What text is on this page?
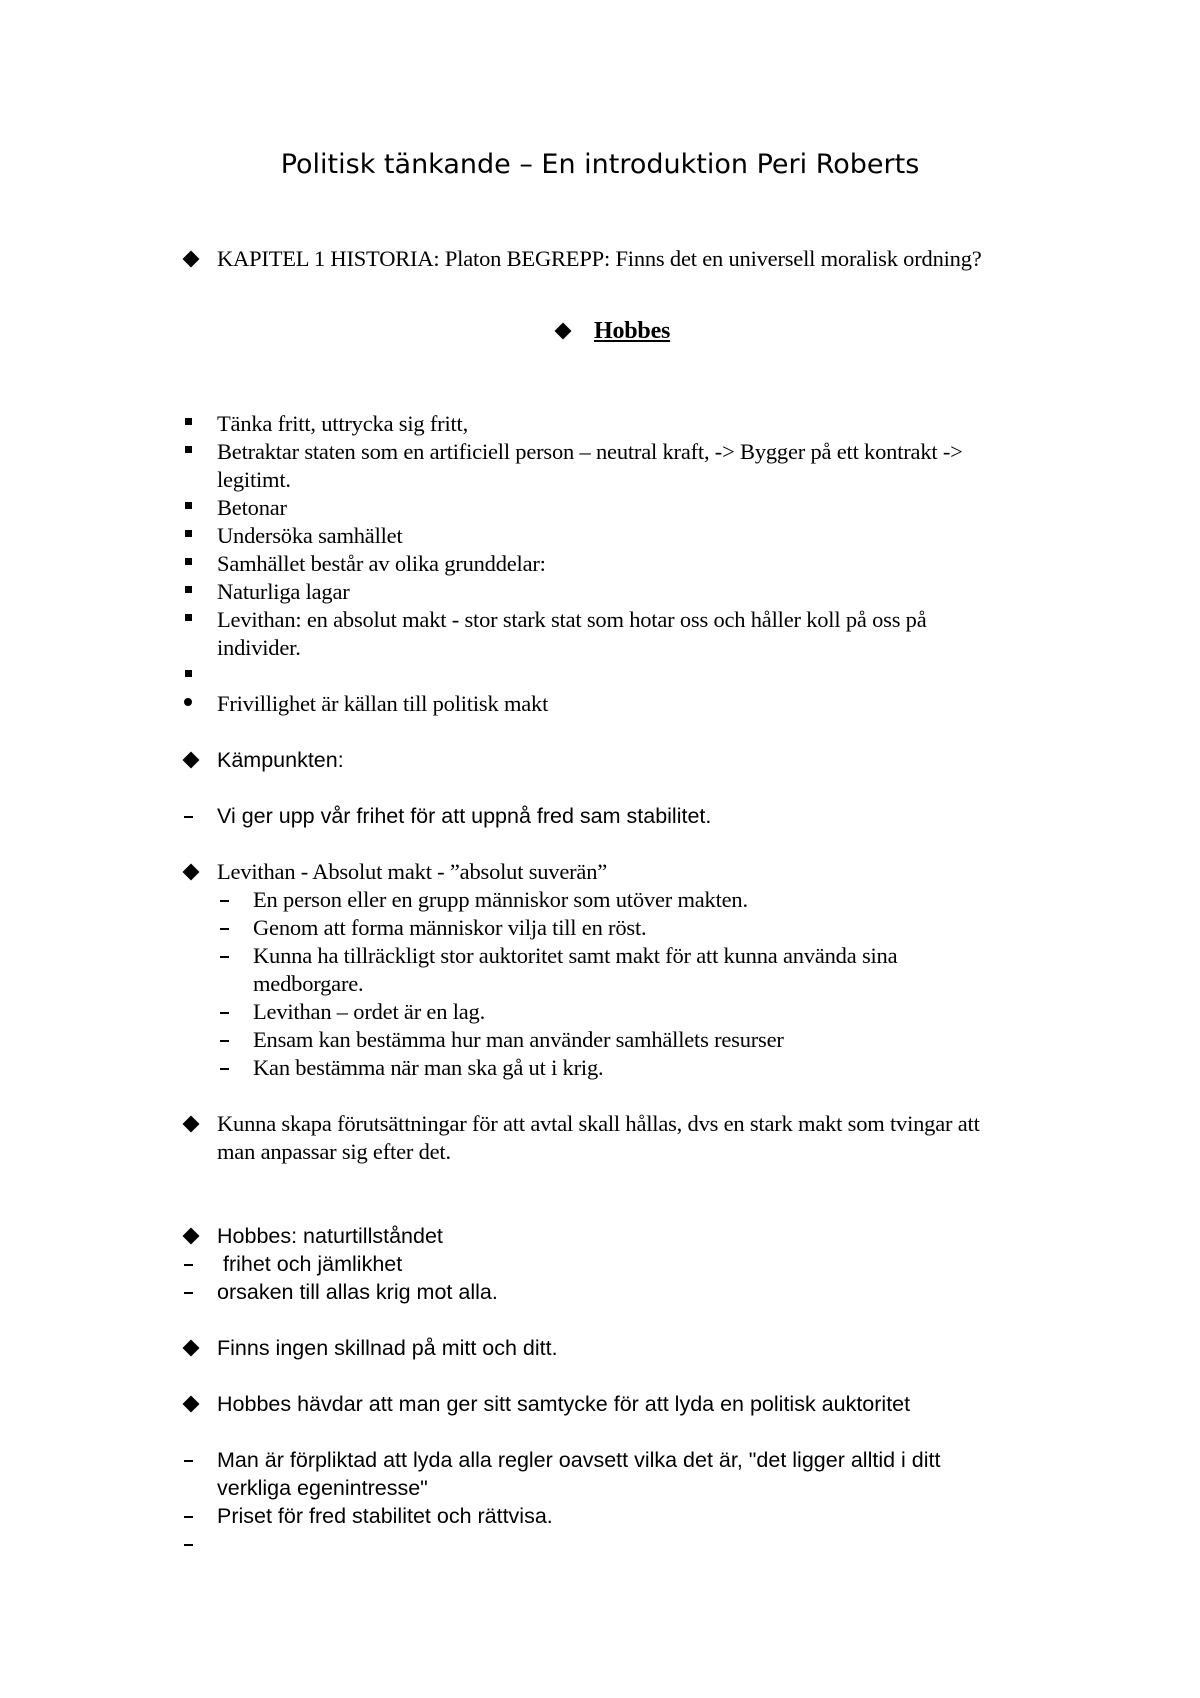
Politisk tänkande – En introduktion Peri Roberts
KAPITEL 1 HISTORIA: Platon BEGREPP: Finns det en universell moralisk ordning?
Hobbes
Tänka fritt, uttrycka sig fritt,
Betraktar staten som en artificiell person – neutral kraft, -> Bygger på ett kontrakt ->
legitimt.
Betonar
Undersöka samhället
Samhället består av olika grunddelar:
Naturliga lagar
Levithan: en absolut makt - stor stark stat som hotar oss och håller koll på oss på
individer.
Frivillighet är källan till politisk makt
Kämpunkten:
Vi ger upp vår frihet för att uppnå fred sam stabilitet.
Levithan - Absolut makt - ”absolut suverän”
En person eller en grupp människor som utöver makten.
Genom att forma människor vilja till en röst.
Kunna ha tillräckligt stor auktoritet samt makt för att kunna använda sina
medborgare.
Levithan – ordet är en lag.
Ensam kan bestämma hur man använder samhällets resurser
Kan bestämma när man ska gå ut i krig.
Kunna skapa förutsättningar för att avtal skall hållas, dvs en stark makt som tvingar att
man anpassar sig efter det.
Hobbes: naturtillståndet
frihet och jämlikhet
orsaken till allas krig mot alla.
Finns ingen skillnad på mitt och ditt.
Hobbes hävdar att man ger sitt samtycke för att lyda en politisk auktoritet
Man är förpliktad att lyda alla regler oavsett vilka det är, "det ligger alltid i ditt
verkliga egenintresse"
Priset för fred stabilitet och rättvisa.
